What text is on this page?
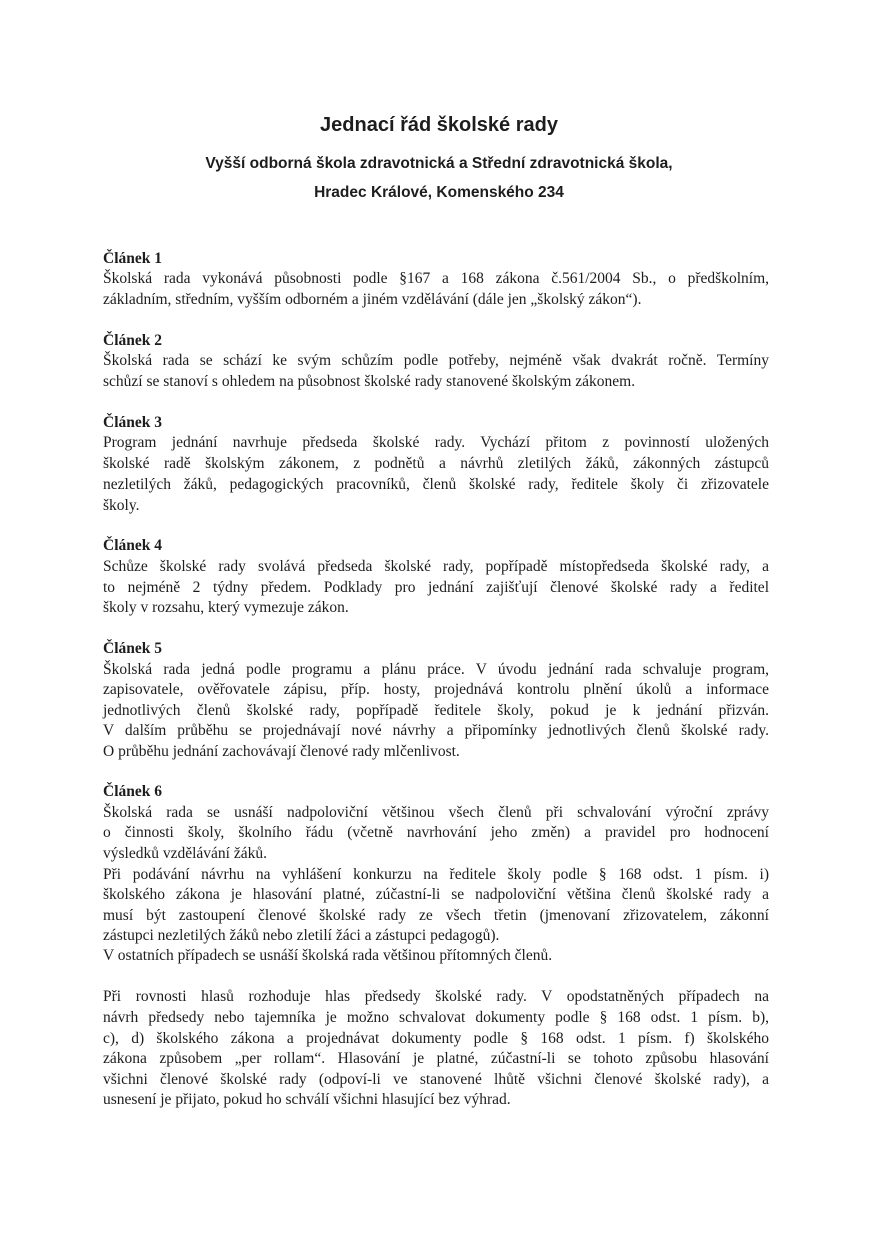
Jednací řád školské rady
Vyšší odborná škola zdravotnická a Střední zdravotnická škola,
Hradec Králové, Komenského 234
Článek 1
Školská rada vykonává působnosti podle §167 a 168 zákona č.561/2004 Sb., o předškolním,
základním, středním, vyšším odborném a jiném vzdělávání (dále jen „školský zákon“).
Článek 2
Školská rada se schází ke svým schůzím podle potřeby, nejméně však dvakrát ročně. Termíny
schůzí se stanoví s ohledem na působnost školské rady stanovené školským zákonem.
Článek 3
Program jednání navrhuje předseda školské rady. Vychází přitom z povinností uložených
školské radě školským zákonem, z podnětů a návrhů zletilých žáků, zákonných zástupců
nezletilých žáků, pedagogických pracovníků, členů školské rady, ředitele školy či zřizovatele
školy.
Článek 4
Schůze školské rady svolává předseda školské rady, popřípadě místopředseda školské rady, a
to nejméně 2 týdny předem. Podklady pro jednání zajišťují členové školské rady a ředitel
školy v rozsahu, který vymezuje zákon.
Článek 5
Školská rada jedná podle programu a plánu práce. V úvodu jednání rada schvaluje program,
zapisovatele, ověřovatele zápisu, příp. hosty, projednává kontrolu plnění úkolů a informace
jednotlivých členů školské rady, popřípadě ředitele školy, pokud je k jednání přizván.
V dalším průběhu se projednávají nové návrhy a připomínky jednotlivých členů školské rady.
O průběhu jednání zachovávají členové rady mlčenlivost.
Článek 6
Školská rada se usnáší nadpoloviční většinou všech členů při schvalování výroční zprávy
o činnosti školy, školního řádu (včetně navrhování jeho změn) a pravidel pro hodnocení
výsledků vzdělávání žáků.
Při podávání návrhu na vyhlášení konkurzu na ředitele školy podle § 168 odst. 1 písm. i)
školského zákona je hlasování platné, zúčastní-li se nadpoloviční většina členů školské rady a
musí být zastoupení členové školské rady ze všech třetin (jmenovaní zřizovatelem, zákonní
zástupci nezletilých žáků nebo zletilí žáci a zástupci pedagogů).
V ostatních případech se usnáší školská rada většinou přítomných členů.
Při rovnosti hlasů rozhoduje hlas předsedy školské rady. V opodstatněných případech na
návrh předsedy nebo tajemníka je možno schvalovat dokumenty podle § 168 odst. 1 písm. b),
c), d) školského zákona a projednávat dokumenty podle § 168 odst. 1 písm. f) školského
zákona způsobem „per rollam“. Hlasování je platné, zúčastní-li se tohoto způsobu hlasování
všichni členové školské rady (odpoví-li ve stanovené lhůtě všichni členové školské rady), a
usnesení je přijato, pokud ho schválí všichni hlasující bez výhrad.
